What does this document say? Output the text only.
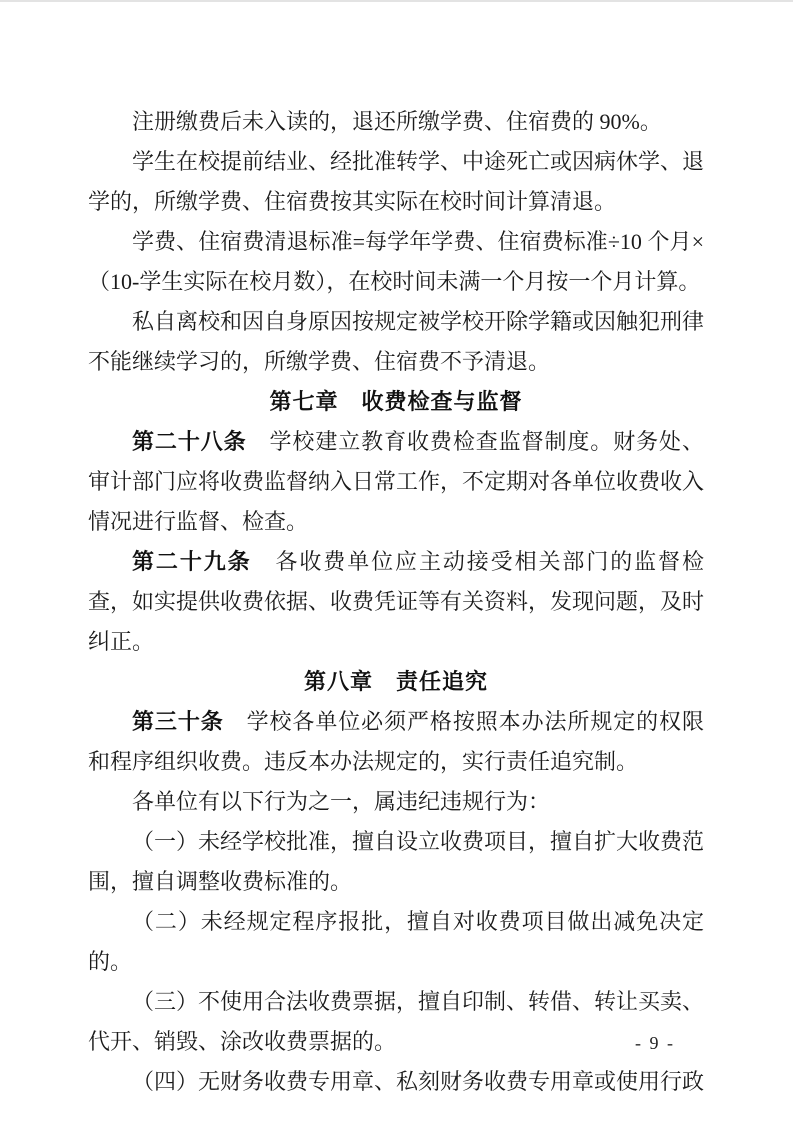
注册缴费后未入读的，退还所缴学费、住宿费的 90%。

学生在校提前结业、经批准转学、中途死亡或因病休学、退学的，所缴学费、住宿费按其实际在校时间计算清退。

学费、住宿费清退标准=每学年学费、住宿费标准÷10 个月×（10-学生实际在校月数），在校时间未满一个月按一个月计算。

私自离校和因自身原因按规定被学校开除学籍或因触犯刑律不能继续学习的，所缴学费、住宿费不予清退。

第七章　收费检查与监督

第二十八条　 学校建立教育收费检查监督制度。财务处、审计部门应将收费监督纳入日常工作，不定期对各单位收费收入情况进行监督、检查。

第二十九条　 各收费单位应主动接受相关部门的监督检查，如实提供收费依据、收费凭证等有关资料，发现问题，及时纠正。

第八章　责任追究

第三十条　 学校各单位必须严格按照本办法所规定的权限和程序组织收费。违反本办法规定的，实行责任追究制。

各单位有以下行为之一，属违纪违规行为：

（一）未经学校批准，擅自设立收费项目，擅自扩大收费范围，擅自调整收费标准的。

（二）未经规定程序报批，擅自对收费项目做出减免决定的。

（三）不使用合法收费票据，擅自印制、转借、转让买卖、代开、销毁、涂改收费票据的。

（四）无财务收费专用章、私刻财务收费专用章或使用行政

- 9 -
